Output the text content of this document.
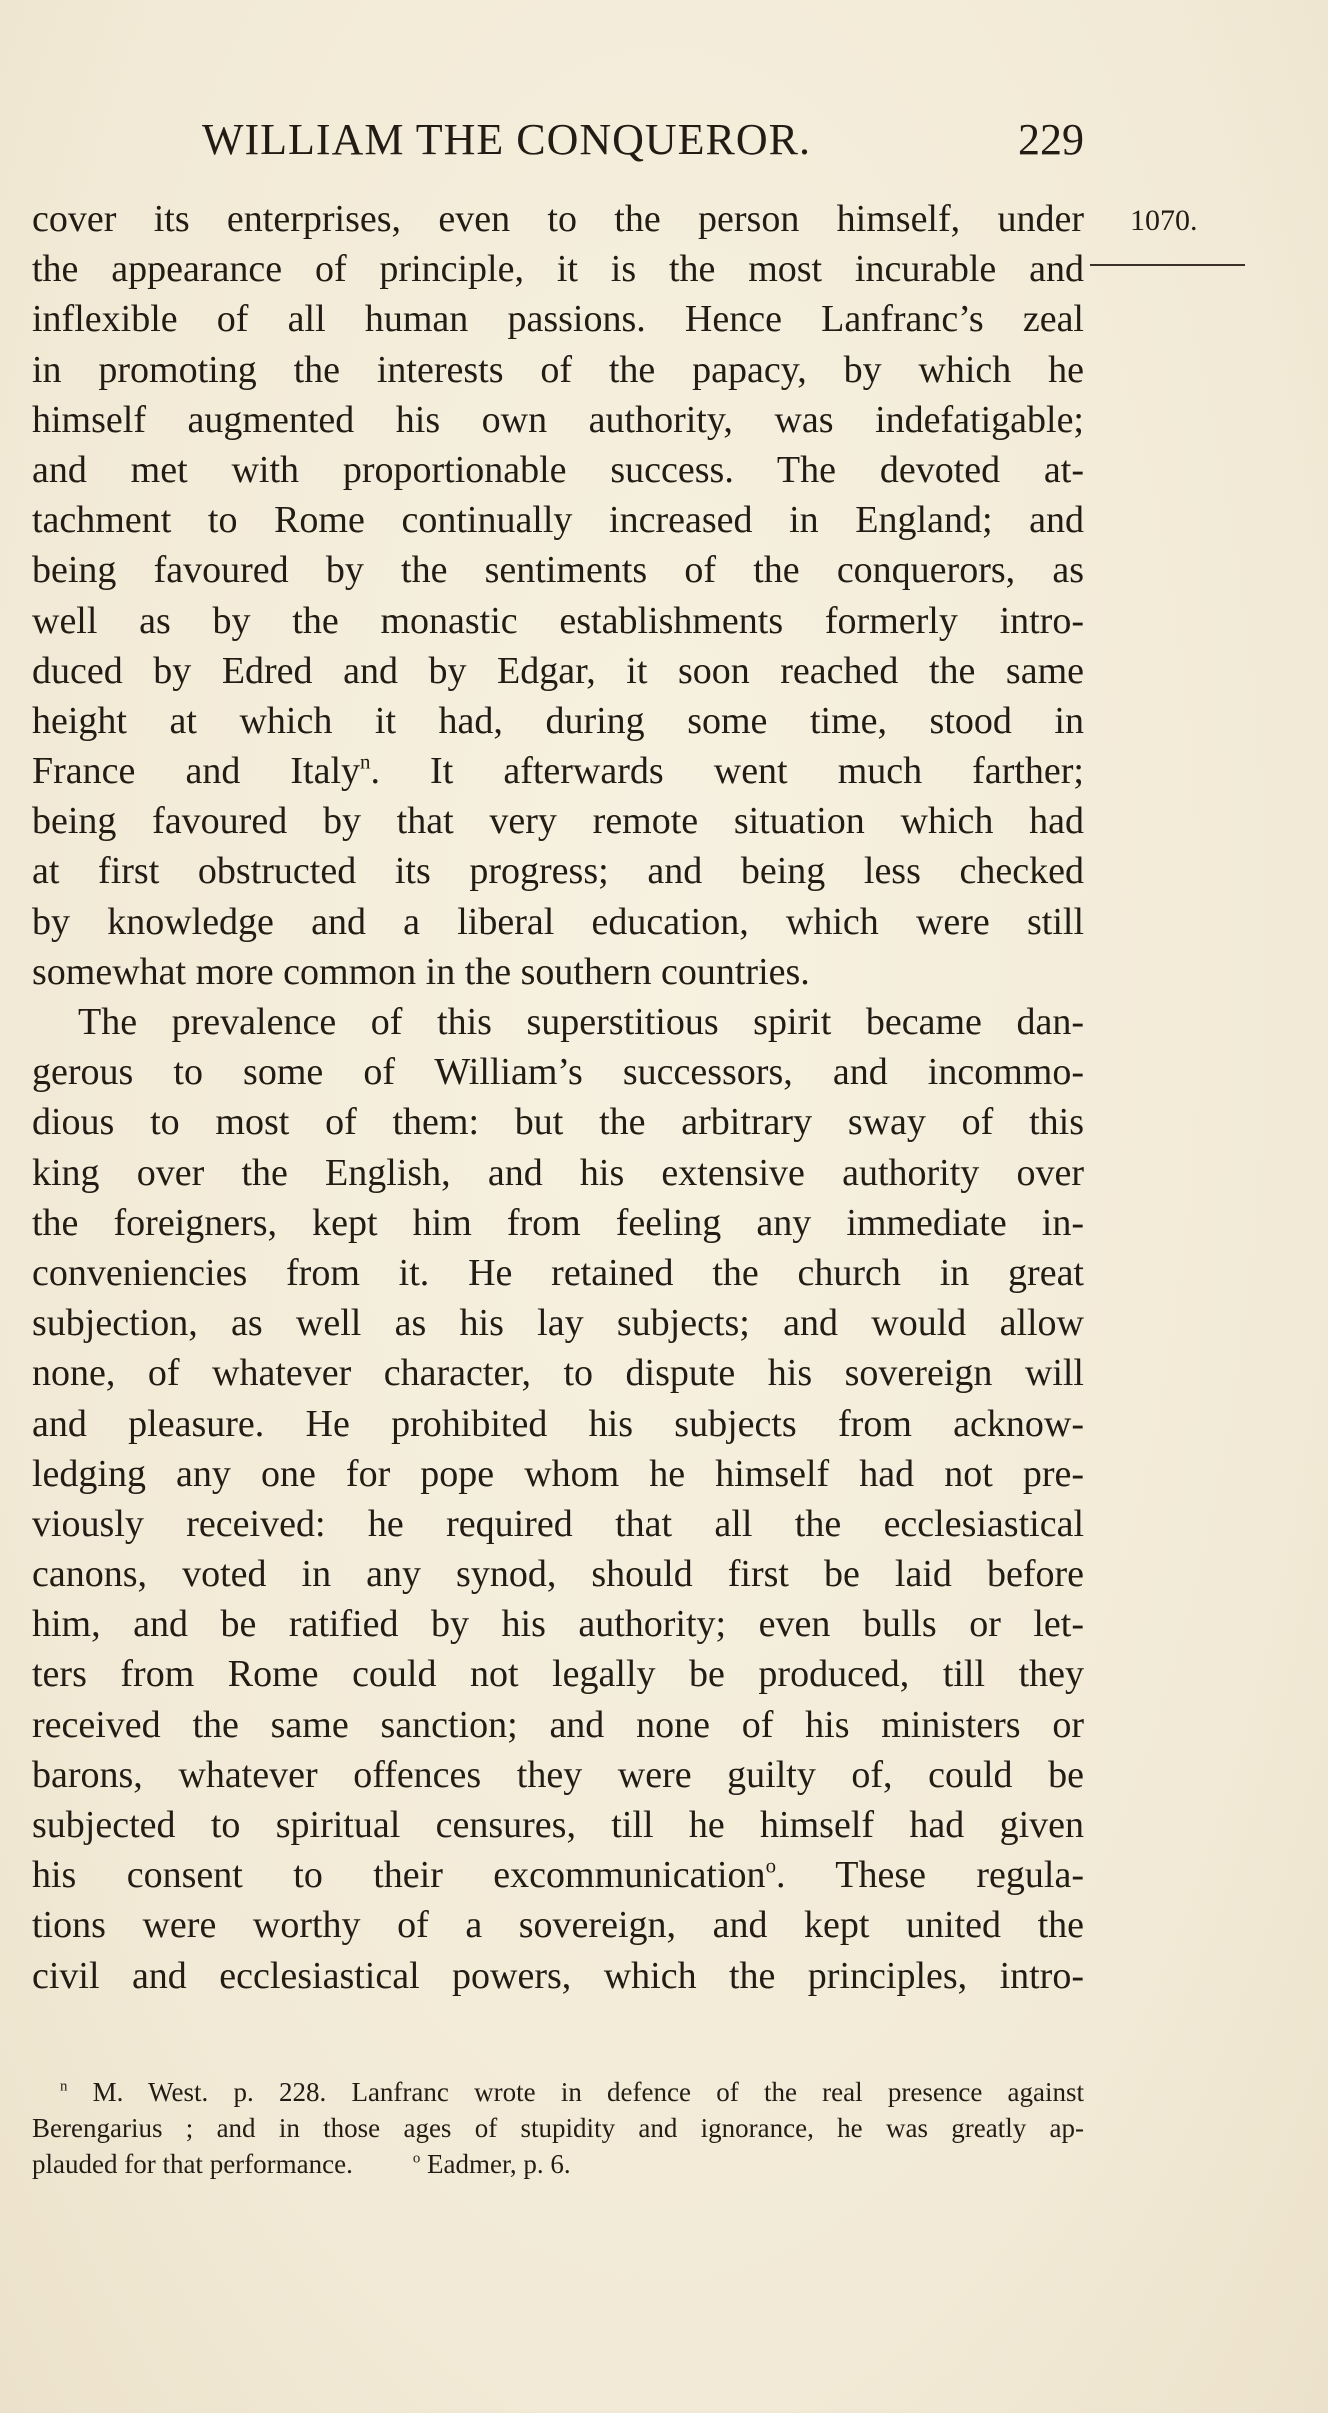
WILLIAM THE CONQUEROR.	229
1070.
cover its enterprises, even to the person himself, under
the appearance of principle, it is the most incurable and
inflexible of all human passions. Hence Lanfranc’s zeal
in promoting the interests of the papacy, by which he
himself augmented his own authority, was indefatigable;
and met with proportionable success. The devoted at-
tachment to Rome continually increased in England; and
being favoured by the sentiments of the conquerors, as
well as by the monastic establishments formerly intro-
duced by Edred and by Edgar, it soon reached the same
height at which it had, during some time, stood in
France and Italy$^n$. It afterwards went much farther;
being favoured by that very remote situation which had
at first obstructed its progress; and being less checked
by knowledge and a liberal education, which were still
somewhat more common in the southern countries.
The prevalence of this superstitious spirit became dan-
gerous to some of William’s successors, and incommo-
dious to most of them: but the arbitrary sway of this
king over the English, and his extensive authority over
the foreigners, kept him from feeling any immediate in-
conveniencies from it. He retained the church in great
subjection, as well as his lay subjects; and would allow
none, of whatever character, to dispute his sovereign will
and pleasure. He prohibited his subjects from acknow-
ledging any one for pope whom he himself had not pre-
viously received: he required that all the ecclesiastical
canons, voted in any synod, should first be laid before
him, and be ratified by his authority; even bulls or let-
ters from Rome could not legally be produced, till they
received the same sanction; and none of his ministers or
barons, whatever offences they were guilty of, could be
subjected to spiritual censures, till he himself had given
his consent to their excommunication$^o$. These regula-
tions were worthy of a sovereign, and kept united the
civil and ecclesiastical powers, which the principles, intro-
$^n$ M. West. p. 228. Lanfranc wrote in defence of the real presence against
Berengarius ; and in those ages of stupidity and ignorance, he was greatly ap-
plauded for that performance.	$^o$ Eadmer, p. 6.
